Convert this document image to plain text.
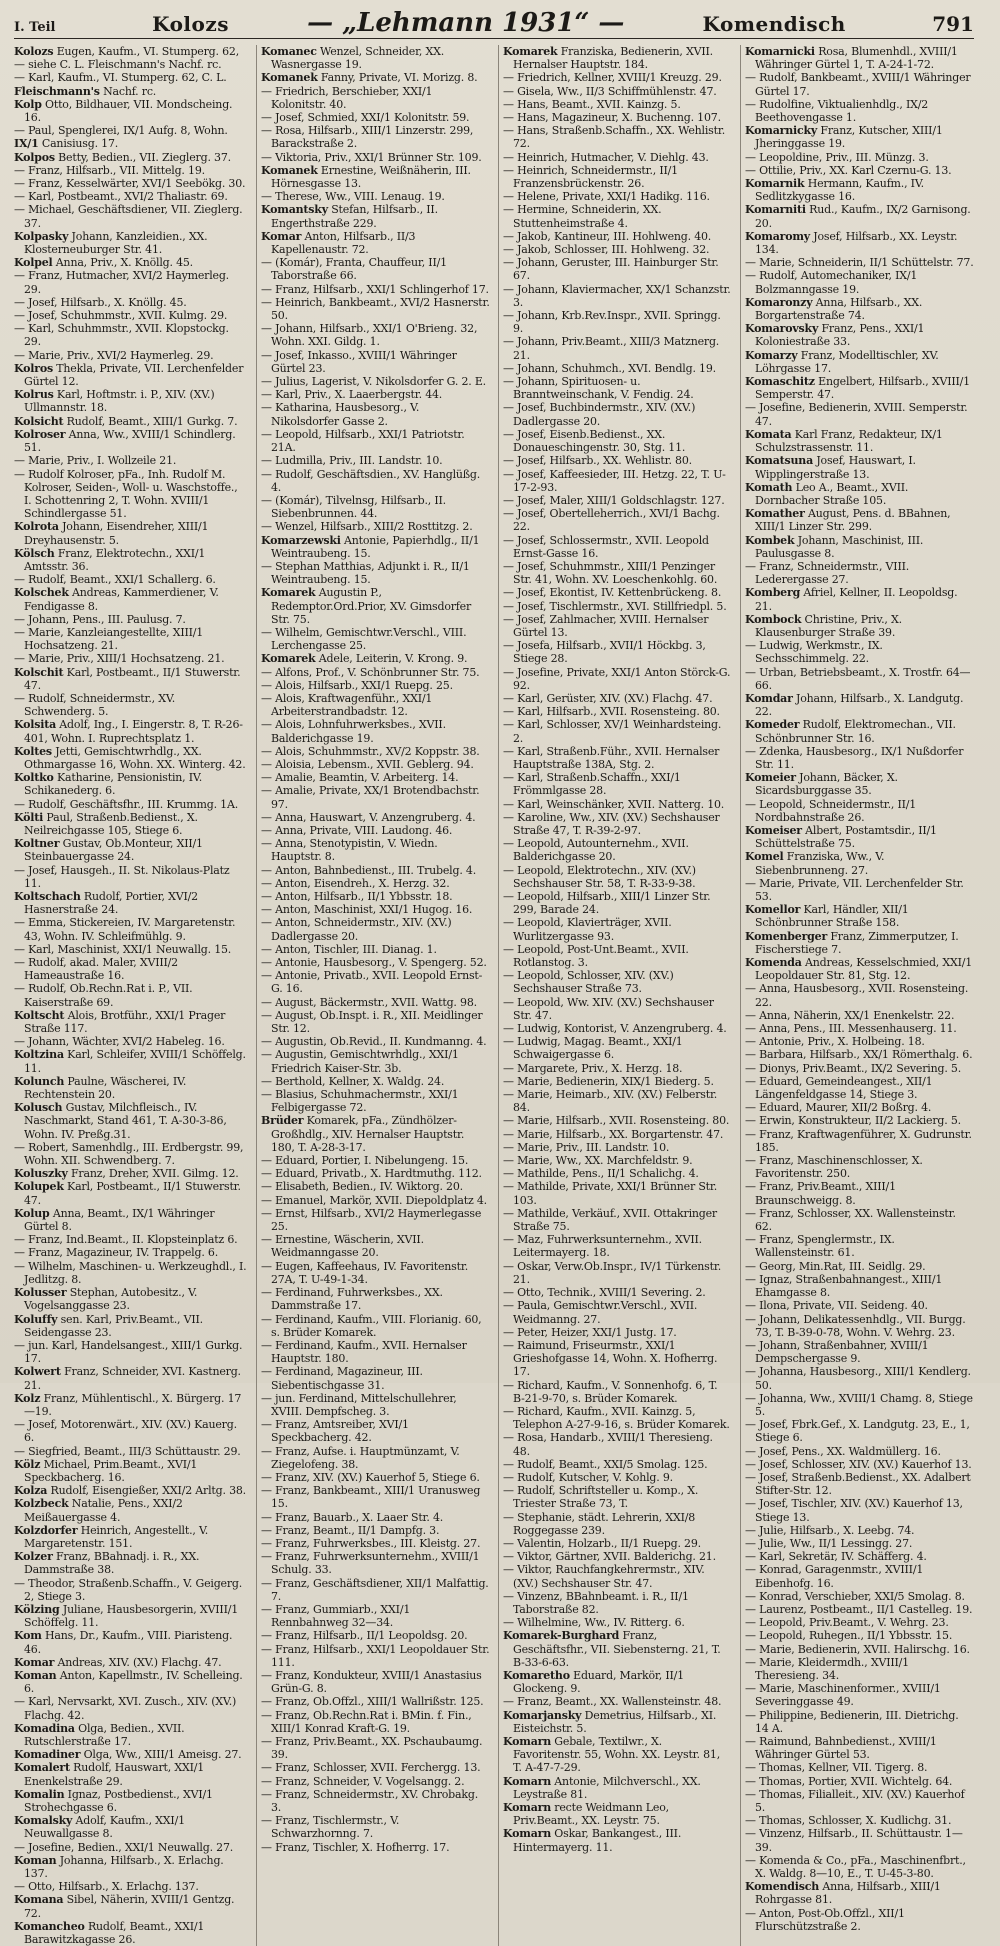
I. Teil	Kolozs	— „Lehmann 1931“ —	Komendisch	791
Kolozs Eugen, Kaufm., VI. Stumperg. 62,
— siehe C. L. Fleischmann's Nachf. rc.
— Karl, Kaufm., VI. Stumperg. 62, C. L.
Fleischmann's Nachf. rc.
Kolp Otto, Bildhauer, VII. Mondscheing. 16.
— Paul, Spenglerei, IX/1 Aufg. 8, Wohn.
IX/1 Canisiusg. 17.
Kolpos Betty, Bedien., VII. Zieglerg. 37.
— Franz, Hilfsarb., VII. Mittelg. 19.
— Franz, Kesselwärter, XVI/1 Seebökg. 30.
— Karl, Postbeamt., XVI/2 Thaliastr. 69.
— Michael, Geschäftsdiener, VII. Zieglerg. 37.
Kolpasky Johann, Kanzleidien., XX. Klosterneuburger Str. 41.
Kolpel Anna, Priv., X. Knöllg. 45.
— Franz, Hutmacher, XVI/2 Haymerleg. 29.
— Josef, Hilfsarb., X. Knöllg. 45.
— Josef, Schuhmmstr., XVII. Kulmg. 29.
— Karl, Schuhmmstr., XVII. Klopstockg. 29.
— Marie, Priv., XVI/2 Haymerleg. 29.
Kolros Thekla, Private, VII. Lerchenfelder Gürtel 12.
Kolrus Karl, Hoftmstr. i. P., XIV. (XV.) Ullmannstr. 18.
Kolsicht Rudolf, Beamt., XIII/1 Gurkg. 7.
Kolroser Anna, Ww., XVIII/1 Schindlerg. 51.
— Marie, Priv., I. Wollzeile 21.
— Rudolf Kolroser, pFa., Inh. Rudolf M. Kolroser, Seiden-, Woll- u. Waschstoffe., I. Schottenring 2, T. Wohn. XVIII/1 Schindlergasse 51.
Kolrota Johann, Eisendreher, XIII/1 Dreyhausenstr. 5.
Kölsch Franz, Elektrotechn., XXI/1 Amtsstr. 36.
— Rudolf, Beamt., XXI/1 Schallerg. 6.
Kolschek Andreas, Kammerdiener, V. Fendigasse 8.
— Johann, Pens., III. Paulusg. 7.
— Marie, Kanzleiangestellte, XIII/1 Hochsatzeng. 21.
— Marie, Priv., XIII/1 Hochsatzeng. 21.
Kolschit Karl, Postbeamt., II/1 Stuwerstr. 47.
— Rudolf, Schneidermstr., XV. Schwenderg. 5.
Kolsita Adolf, Ing., I. Eingerstr. 8, T. R-26-401, Wohn. I. Ruprechtsplatz 1.
Koltes Jetti, Gemischtwrhdlg., XX. Othmargasse 16, Wohn. XX. Winterg. 42.
Koltko Katharine, Pensionistin, IV. Schikanederg. 6.
— Rudolf, Geschäftsfhr., III. Krummg. 1A.
Költi Paul, Straßenb.Bedienst., X. Neilreichgasse 105, Stiege 6.
Koltner Gustav, Ob.Monteur, XII/1 Steinbauergasse 24.
— Josef, Hausgeh., II. St. Nikolaus-Platz 11.
Koltschach Rudolf, Portier, XVI/2 Hasnerstraße 24.
— Emma, Stickereien, IV. Margaretenstr. 43, Wohn. IV. Schleifmühlg. 9.
— Karl, Maschinist, XXI/1 Neuwallg. 15.
— Rudolf, akad. Maler, XVIII/2 Hameaustraße 16.
— Rudolf, Ob.Rechn.Rat i. P., VII. Kaiserstraße 69.
Koltscht Alois, Brotführ., XXI/1 Prager Straße 117.
— Johann, Wächter, XVI/2 Habeleg. 16.
Koltzina Karl, Schleifer, XVIII/1 Schöffelg. 11.
Kolunch Paulne, Wäscherei, IV. Rechtenstein 20.
Kolusch Gustav, Milchfleisch., IV. Naschmarkt, Stand 461, T. A-30-3-86, Wohn. IV. Preßg.31.
— Robert, Samenhdlg., III. Erdbergstr. 99, Wohn. XII. Schwendberg. 7.
Koluszky Franz, Dreher, XVII. Gilmg. 12.
Kolupek Karl, Postbeamt., II/1 Stuwerstr. 47.
Kolup Anna, Beamt., IX/1 Währinger Gürtel 8.
— Franz, Ind.Beamt., II. Klopsteinplatz 6.
— Franz, Magazineur, IV. Trappelg. 6.
— Wilhelm, Maschinen- u. Werkzeughdl., I. Jedlitzg. 8.
Kolusser Stephan, Autobesitz., V. Vogelsanggasse 23.
Koluffy sen. Karl, Priv.Beamt., VII. Seidengasse 23.
— jun. Karl, Handelsangest., XIII/1 Gurkg. 17.
Kolwert Franz, Schneider, XVI. Kastnerg. 21.
Kolz Franz, Mühlentischl., X. Bürgerg. 17—19.
— Josef, Motorenwärt., XIV. (XV.) Kauerg. 6.
— Siegfried, Beamt., III/3 Schüttaustr. 29.
Kölz Michael, Prim.Beamt., XVI/1 Speckbacherg. 16.
Kolza Rudolf, Eisengießer, XXI/2 Arltg. 38.
Kolzbeck Natalie, Pens., XXI/2 Meißauergasse 4.
Kolzdorfer Heinrich, Angestellt., V. Margaretenstr. 151.
Kolzer Franz, BBahnadj. i. R., XX. Dammstraße 38.
— Theodor, Straßenb.Schaffn., V. Geigerg. 2, Stiege 3.
Kölzing Juliane, Hausbesorgerin, XVIII/1 Schöffelg. 11.
Kom Hans, Dr., Kaufm., VIII. Piaristeng. 46.
Komar Andreas, XIV. (XV.) Flachg. 47.
Koman Anton, Kapellmstr., IV. Schelleing. 6.
— Karl, Nervsarkt, XVI. Zusch., XIV. (XV.) Flachg. 42.
Komadina Olga, Bedien., XVII. Rutschlerstraße 17.
Komadiner Olga, Ww., XIII/1 Ameisg. 27.
Komalert Rudolf, Hauswart, XXI/1 Enenkelstraße 29.
Komalin Ignaz, Postbedienst., XVI/1 Strohechgasse 6.
Komalsky Adolf, Kaufm., XXI/1 Neuwallgasse 8.
— Josefine, Bedien., XXI/1 Neuwallg. 27.
Koman Johanna, Hilfsarb., X. Erlachg. 137.
— Otto, Hilfsarb., X. Erlachg. 137.
Komana Sibel, Näherin, XVIII/1 Gentzg. 72.
Komancheo Rudolf, Beamt., XXI/1 Barawitzkagasse 26.
Komanec Wenzel, Schneider, XX. Wasnergasse 19.
Komanek Fanny, Private, VI. Morizg. 8.
— Friedrich, Berschieber, XXI/1 Kolonitstr. 40.
— Josef, Schmied, XXI/1 Kolonitstr. 59.
— Rosa, Hilfsarb., XIII/1 Linzerstr. 299, Barackstraße 2.
— Viktoria, Priv., XXI/1 Brünner Str. 109.
Komanek Ernestine, Weißnäherin, III. Hörnesgasse 13.
— Therese, Ww., VIII. Lenaug. 19.
Komantsky Stefan, Hilfsarb., II. Engerthstraße 229.
Komar Anton, Hilfsarb., II/3 Kapellenaustr. 72.
— (Komár), Franta, Chauffeur, II/1 Taborstraße 66.
— Franz, Hilfsarb., XXI/1 Schlingerhof 17.
— Heinrich, Bankbeamt., XVI/2 Hasnerstr. 50.
— Johann, Hilfsarb., XXI/1 O'Brieng. 32, Wohn. XXI. Gildg. 1.
— Josef, Inkasso., XVIII/1 Währinger Gürtel 23.
— Julius, Lagerist, V. Nikolsdorfer G. 2. E.
— Karl, Priv., X. Laaerbergstr. 44.
— Katharina, Hausbesorg., V. Nikolsdorfer Gasse 2.
— Leopold, Hilfsarb., XXI/1 Patriotstr. 21A.
— Ludmilla, Priv., III. Landstr. 10.
— Rudolf, Geschäftsdien., XV. Hanglüßg. 4.
— (Komár), Tilvelnsg, Hilfsarb., II. Siebenbrunnen. 44.
— Wenzel, Hilfsarb., XIII/2 Rosttitzg. 2.
Komarzewski Antonie, Papierhdlg., II/1 Weintraubeng. 15.
— Stephan Matthias, Adjunkt i. R., II/1 Weintraubeng. 15.
Komarek Augustin P., Redemptor.Ord.Prior, XV. Gimsdorfer Str. 75.
— Wilhelm, Gemischtwr.Verschl., VIII. Lerchengasse 25.
Komarek Adele, Leiterin, V. Krong. 9.
— Alfons, Prof., V. Schönbrunner Str. 75.
— Alois, Hilfsarb., XXI/1 Ruepg. 25.
— Alois, Kraftwagenführ., XXI/1 Arbeiterstrandbadstr. 12.
— Alois, Lohnfuhrwerksbes., XVII. Balderichgasse 19.
— Alois, Schuhmmstr., XV/2 Koppstr. 38.
— Aloisia, Lebensm., XVII. Geblerg. 94.
— Amalie, Beamtin, V. Arbeiterg. 14.
— Amalie, Private, XX/1 Brotendbachstr. 97.
— Anna, Hauswart, V. Anzengruberg. 4.
— Anna, Private, VIII. Laudong. 46.
— Anna, Stenotypistin, V. Wiedn. Hauptstr. 8.
— Anton, Bahnbedienst., III. Trubelg. 4.
— Anton, Eisendreh., X. Herzg. 32.
— Anton, Hilfsarb., II/1 Ybbsstr. 18.
— Anton, Maschinist, XXI/1 Hugog. 16.
— Anton, Schneidermstr., XIV. (XV.) Dadlergasse 20.
— Anton, Tischler, III. Dianag. 1.
— Antonie, Hausbesorg., V. Spengerg. 52.
— Antonie, Privatb., XVII. Leopold Ernst-G. 16.
— August, Bäckermstr., XVII. Wattg. 98.
— August, Ob.Inspt. i. R., XII. Meidlinger Str. 12.
— Augustin, Ob.Revid., II. Kundmanng. 4.
— Augustin, Gemischtwrhdlg., XXI/1 Friedrich Kaiser-Str. 3b.
— Berthold, Kellner, X. Waldg. 24.
— Blasius, Schuhmachermstr., XXI/1 Felbigergasse 72.
Brüder Komarek, pFa., Zündhölzer-Großhdlg., XIV. Hernalser Hauptstr. 180, T. A-28-3-17.
— Eduard, Portier, I. Nibelungeng. 15.
— Eduard, Privatb., X. Hardtmuthg. 112.
— Elisabeth, Bedien., IV. Wiktorg. 20.
— Emanuel, Markör, XVII. Diepoldplatz 4.
— Ernst, Hilfsarb., XVI/2 Haymerlegasse 25.
— Ernestine, Wäscherin, XVII. Weidmanngasse 20.
— Eugen, Kaffeehaus, IV. Favoritenstr. 27A, T. U-49-1-34.
— Ferdinand, Fuhrwerksbes., XX. Dammstraße 17.
— Ferdinand, Kaufm., VIII. Florianig. 60, s. Brüder Komarek.
— Ferdinand, Kaufm., XVII. Hernalser Hauptstr. 180.
— Ferdinand, Magazineur, III. Siebentischgasse 31.
— jun. Ferdinand, Mittelschullehrer, XVIII. Dempfscheg. 3.
— Franz, Amtsreiber, XVI/1 Speckbacherg. 42.
— Franz, Aufse. i. Hauptmünzamt, V. Ziegelofeng. 38.
— Franz, XIV. (XV.) Kauerhof 5, Stiege 6.
— Franz, Bankbeamt., XIII/1 Uranusweg 15.
— Franz, Bauarb., X. Laaer Str. 4.
— Franz, Beamt., II/1 Dampfg. 3.
— Franz, Fuhrwerksbes., III. Kleistg. 27.
— Franz, Fuhrwerksunternehm., XVIII/1 Schulg. 33.
— Franz, Geschäftsdiener, XII/1 Malfattig. 7.
— Franz, Gummiarb., XXI/1 Rennbahnweg 32—34.
— Franz, Hilfsarb., II/1 Leopoldsg. 20.
— Franz, Hilfsarb., XXI/1 Leopoldauer Str. 111.
— Franz, Kondukteur, XVIII/1 Anastasius Grün-G. 8.
— Franz, Ob.Offzl., XIII/1 Wallrißstr. 125.
— Franz, Ob.Rechn.Rat i. BMin. f. Fin., XIII/1 Konrad Kraft-G. 19.
— Franz, Priv.Beamt., XX. Pschaubaumg. 39.
— Franz, Schlosser, XVII. Ferchergg. 13.
— Franz, Schneider, V. Vogelsangg. 2.
— Franz, Schneidermstr., XV. Chrobakg. 3.
— Franz, Tischlermstr., V. Schwarzhornng. 7.
— Franz, Tischler, X. Hofherrg. 17.
Komarek Franziska, Bedienerin, XVII. Hernalser Hauptstr. 184.
— Friedrich, Kellner, XVIII/1 Kreuzg. 29.
— Gisela, Ww., II/3 Schiffmühlenstr. 47.
— Hans, Beamt., XVII. Kainzg. 5.
— Hans, Magazineur, X. Buchenng. 107.
— Hans, Straßenb.Schaffn., XX. Wehlistr. 72.
— Heinrich, Hutmacher, V. Diehlg. 43.
— Heinrich, Schneidermstr., II/1 Franzensbrückenstr. 26.
— Helene, Private, XXI/1 Hadikg. 116.
— Hermine, Schneiderin, XX. Stuttenheimstraße 4.
— Jakob, Kantineur, III. Hohlweng. 40.
— Jakob, Schlosser, III. Hohlweng. 32.
— Johann, Geruster, III. Hainburger Str. 67.
— Johann, Klaviermacher, XX/1 Schanzstr. 3.
— Johann, Krb.Rev.Inspr., XVII. Springg. 9.
— Johann, Priv.Beamt., XIII/3 Matznerg. 21.
— Johann, Schuhmch., XVI. Bendlg. 19.
— Johann, Spirituosen- u. Branntweinschank, V. Fendig. 24.
— Josef, Buchbindermstr., XIV. (XV.) Dadlergasse 20.
— Josef, Eisenb.Bedienst., XX. Donaueschingenstr. 30, Stg. 11.
— Josef, Hilfsarb., XX. Wehlistr. 80.
— Josef, Kaffeesieder, III. Hetzg. 22, T. U-17-2-93.
— Josef, Maler, XIII/1 Goldschlagstr. 127.
— Josef, Obertelleherrich., XVI/1 Bachg. 22.
— Josef, Schlossermstr., XVII. Leopold Ernst-Gasse 16.
— Josef, Schuhmmstr., XIII/1 Penzinger Str. 41, Wohn. XV. Loeschenkohlg. 60.
— Josef, Ekontist, IV. Kettenbrückeng. 8.
— Josef, Tischlermstr., XVI. Stillfriedpl. 5.
— Josef, Zahlmacher, XVIII. Hernalser Gürtel 13.
— Josefa, Hilfsarb., XVII/1 Höckbg. 3, Stiege 28.
— Josefine, Private, XXI/1 Anton Störck-G. 92.
— Karl, Gerüster, XIV. (XV.) Flachg. 47.
— Karl, Hilfsarb., XVII. Rosensteing. 80.
— Karl, Schlosser, XV/1 Weinhardsteing. 2.
— Karl, Straßenb.Führ., XVII. Hernalser Hauptstraße 138A, Stg. 2.
— Karl, Straßenb.Schaffn., XXI/1 Frömmlgasse 28.
— Karl, Weinschänker, XVII. Natterg. 10.
— Karoline, Ww., XIV. (XV.) Sechshauser Straße 47, T. R-39-2-97.
— Leopold, Autounternehm., XVII. Balderichgasse 20.
— Leopold, Elektrotechn., XIV. (XV.) Sechshauser Str. 58, T. R-33-9-38.
— Leopold, Hilfsarb., XIII/1 Linzer Str. 299, Barade 24.
— Leopold, Klavierträger, XVII. Wurlitzergasse 93.
— Leopold, Post-Unt.Beamt., XVII. Rotlanstog. 3.
— Leopold, Schlosser, XIV. (XV.) Sechshauser Straße 73.
— Leopold, Ww. XIV. (XV.) Sechshauser Str. 47.
— Ludwig, Kontorist, V. Anzengruberg. 4.
— Ludwig, Magag. Beamt., XXI/1 Schwaigergasse 6.
— Margarete, Priv., X. Herzg. 18.
— Marie, Bedienerin, XIX/1 Biederg. 5.
— Marie, Heimarb., XIV. (XV.) Felberstr. 84.
— Marie, Hilfsarb., XVII. Rosensteing. 80.
— Marie, Hilfsarb., XX. Borgartenstr. 47.
— Marie, Priv., III. Landstr. 10.
— Marie, Ww., XX. Marchfeldstr. 9.
— Mathilde, Pens., II/1 Schalichg. 4.
— Mathilde, Private, XXI/1 Brünner Str. 103.
— Mathilde, Verkäuf., XVII. Ottakringer Straße 75.
— Maz, Fuhrwerksunternehm., XVII. Leitermayerg. 18.
— Oskar, Verw.Ob.Inspr., IV/1 Türkenstr. 21.
— Otto, Technik., XVIII/1 Severing. 2.
— Paula, Gemischtwr.Verschl., XVII. Weidmanng. 27.
— Peter, Heizer, XXI/1 Justg. 17.
— Raimund, Friseurmstr., XXI/1 Grieshofgasse 14, Wohn. X. Hofherrg. 17.
— Richard, Kaufm., V. Sonnenhofg. 6, T. B-21-9-70, s. Brüder Komarek.
— Richard, Kaufm., XVII. Kainzg. 5, Telephon A-27-9-16, s. Brüder Komarek.
— Rosa, Handarb., XVIII/1 Theresieng. 48.
— Rudolf, Beamt., XXI/5 Smolag. 125.
— Rudolf, Kutscher, V. Kohlg. 9.
— Rudolf, Schriftsteller u. Komp., X. Triester Straße 73, T.
— Stephanie, städt. Lehrerin, XXI/8 Roggegasse 239.
— Valentin, Holzarb., II/1 Ruepg. 29.
— Viktor, Gärtner, XVII. Balderichg. 21.
— Viktor, Rauchfangkehrermstr., XIV. (XV.) Sechshauser Str. 47.
— Vinzenz, BBahnbeamt. i. R., II/1 Taborstraße 82.
— Wilhelmine, Ww., IV. Ritterg. 6.
Komarek-Burghard Franz, Geschäftsfhr., VII. Siebensterng. 21, T. B-33-6-63.
Komaretho Eduard, Markör, II/1 Glockeng. 9.
— Franz, Beamt., XX. Wallensteinstr. 48.
Komarjansky Demetrius, Hilfsarb., XI. Eisteichstr. 5.
Komarn Gebale, Textilwr., X. Favoritenstr. 55, Wohn. XX. Leystr. 81, T. A-47-7-29.
Komarn Antonie, Milchverschl., XX. Leystraße 81.
Komarn recte Weidmann Leo, Priv.Beamt., XX. Leystr. 75.
Komarn Oskar, Bankangest., III. Hintermayerg. 11.
Komarnicki Rosa, Blumenhdl., XVIII/1 Währinger Gürtel 1, T. A-24-1-72.
— Rudolf, Bankbeamt., XVIII/1 Währinger Gürtel 17.
— Rudolfine, Viktualienhdlg., IX/2 Beethovengasse 1.
Komarnicky Franz, Kutscher, XIII/1 Jheringgasse 19.
— Leopoldine, Priv., III. Münzg. 3.
— Ottilie, Priv., XX. Karl Czernu-G. 13.
Komarnik Hermann, Kaufm., IV. Sedlitzkygasse 16.
Komarniti Rud., Kaufm., IX/2 Garnisong. 20.
Komaromy Josef, Hilfsarb., XX. Leystr. 134.
— Marie, Schneiderin, II/1 Schüttelstr. 77.
— Rudolf, Automechaniker, IX/1 Bolzmanngasse 19.
Komaronzy Anna, Hilfsarb., XX. Borgartenstraße 74.
Komarovsky Franz, Pens., XXI/1 Koloniestraße 33.
Komarzy Franz, Modelltischler, XV. Löhrgasse 17.
Komaschitz Engelbert, Hilfsarb., XVIII/1 Semperstr. 47.
— Josefine, Bedienerin, XVIII. Semperstr. 47.
Komata Karl Franz, Redakteur, IX/1 Schulzstrassenstr. 11.
Komatsuna Josef, Hauswart, I. Wipplingerstraße 13.
Komath Leo A., Beamt., XVII. Dornbacher Straße 105.
Komather August, Pens. d. BBahnen, XIII/1 Linzer Str. 299.
Kombek Johann, Maschinist, III. Paulusgasse 8.
— Franz, Schneidermstr., VIII. Lederergasse 27.
Komberg Afriel, Kellner, II. Leopoldsg. 21.
Kombock Christine, Priv., X. Klausenburger Straße 39.
— Ludwig, Werkmstr., IX. Sechsschimmelg. 22.
— Urban, Betriebsbeamt., X. Trostfr. 64—66.
Komdar Johann, Hilfsarb., X. Landgutg. 22.
Komeder Rudolf, Elektromechan., VII. Schönbrunner Str. 16.
— Zdenka, Hausbesorg., IX/1 Nußdorfer Str. 11.
Komeier Johann, Bäcker, X. Sicardsburggasse 35.
— Leopold, Schneidermstr., II/1 Nordbahnstraße 26.
Komeiser Albert, Postamtsdir., II/1 Schüttelstraße 75.
Komel Franziska, Ww., V. Siebenbrunneng. 27.
— Marie, Private, VII. Lerchenfelder Str. 53.
Komellor Karl, Händler, XII/1 Schönbrunner Straße 158.
Komenberger Franz, Zimmerputzer, I. Fischerstiege 7.
Komenda Andreas, Kesselschmied, XXI/1 Leopoldauer Str. 81, Stg. 12.
— Anna, Hausbesorg., XVII. Rosensteing. 22.
— Anna, Näherin, XX/1 Enenkelstr. 22.
— Anna, Pens., III. Messenhauserg. 11.
— Antonie, Priv., X. Holbeing. 18.
— Barbara, Hilfsarb., XX/1 Römerthalg. 6.
— Dionys, Priv.Beamt., IX/2 Severing. 5.
— Eduard, Gemeindeangest., XII/1 Längenfeldgasse 14, Stiege 3.
— Eduard, Maurer, XII/2 Boßrg. 4.
— Erwin, Konstrukteur, II/2 Lackierg. 5.
— Franz, Kraftwagenführer, X. Gudrunstr. 185.
— Franz, Maschinenschlosser, X. Favoritenstr. 250.
— Franz, Priv.Beamt., XIII/1 Braunschweigg. 8.
— Franz, Schlosser, XX. Wallensteinstr. 62.
— Franz, Spenglermstr., IX. Wallensteinstr. 61.
— Georg, Min.Rat, III. Seidlg. 29.
— Ignaz, Straßenbahnangest., XIII/1 Ehamgasse 8.
— Ilona, Private, VII. Seideng. 40.
— Johann, Delikatessenhdlg., VII. Burgg. 73, T. B-39-0-78, Wohn. V. Wehrg. 23.
— Johann, Straßenbahner, XVIII/1 Dempschergasse 9.
— Johanna, Hausbesorg., XIII/1 Kendlerg. 50.
— Johanna, Ww., XVIII/1 Chamg. 8, Stiege 5.
— Josef, Fbrk.Gef., X. Landgutg. 23, E., 1, Stiege 6.
— Josef, Pens., XX. Waldmüllerg. 16.
— Josef, Schlosser, XIV. (XV.) Kauerhof 13.
— Josef, Straßenb.Bedienst., XX. Adalbert Stifter-Str. 12.
— Josef, Tischler, XIV. (XV.) Kauerhof 13, Stiege 13.
— Julie, Hilfsarb., X. Leebg. 74.
— Julie, Ww., II/1 Lessingg. 27.
— Karl, Sekretär, IV. Schäfferg. 4.
— Konrad, Garagenmstr., XVIII/1 Eibenhofg. 16.
— Konrad, Verschieber, XXI/5 Smolag. 8.
— Laurenz, Postbeamt., II/1 Castelleg. 19.
— Leopold, Priv.Beamt., V. Wehrg. 23.
— Leopold, Ruhegen., II/1 Ybbsstr. 15.
— Marie, Bedienerin, XVII. Halirschg. 16.
— Marie, Kleidermdh., XVIII/1 Theresieng. 34.
— Marie, Maschinenformer., XVIII/1 Severinggasse 49.
— Philippine, Bedienerin, III. Dietrichg. 14 A.
— Raimund, Bahnbedienst., XVIII/1 Währinger Gürtel 53.
— Thomas, Kellner, VII. Tigerg. 8.
— Thomas, Portier, XVII. Wichtelg. 64.
— Thomas, Filialleit., XIV. (XV.) Kauerhof 5.
— Thomas, Schlosser, X. Kudlichg. 31.
— Vinzenz, Hilfsarb., II. Schüttaustr. 1—39.
— Komenda & Co., pFa., Maschinenfbrt., X. Waldg. 8—10, E., T. U-45-3-80.
Komendisch Anna, Hilfsarb., XIII/1 Rohrgasse 81.
— Anton, Post-Ob.Offzl., XII/1 Flurschützstraße 2.
